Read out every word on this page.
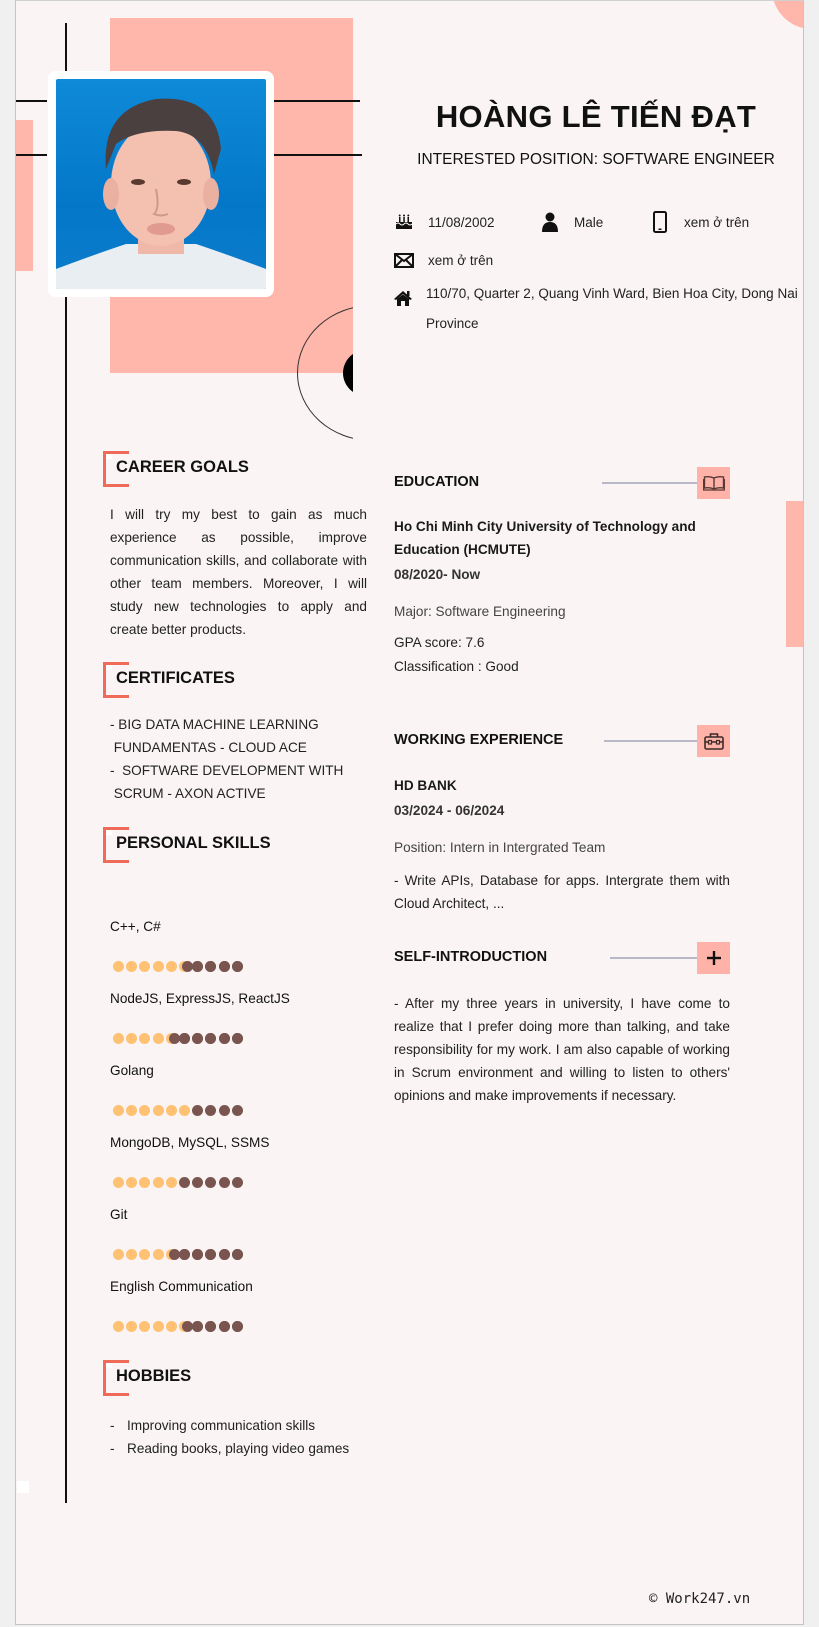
HOÀNG LÊ TIẾN ĐẠT
INTERESTED POSITION: SOFTWARE ENGINEER
11/08/2002	Male	xem ở trên
xem ở trên
110/70, Quarter 2, Quang Vinh Ward, Bien Hoa City, Dong Nai Province
CAREER GOALS
I will try my best to gain as much experience as possible, improve communication skills, and collaborate with other team members. Moreover, I will study new technologies to apply and create better products.
CERTIFICATES
- BIG DATA MACHINE LEARNING
FUNDAMENTAS - CLOUD ACE
-  SOFTWARE DEVELOPMENT WITH
SCRUM - AXON ACTIVE
PERSONAL SKILLS
C++, C#
NodeJS, ExpressJS, ReactJS
Golang
MongoDB, MySQL, SSMS
Git
English Communication
HOBBIES
- Improving communication skills
- Reading books, playing video games
EDUCATION
Ho Chi Minh City University of Technology and Education (HCMUTE)
08/2020- Now
Major: Software Engineering
GPA score: 7.6
Classification : Good
WORKING EXPERIENCE
HD BANK
03/2024 - 06/2024
Position: Intern in Intergrated Team
- Write APIs, Database for apps. Intergrate them with Cloud Architect, ...
SELF-INTRODUCTION
- After my three years in university, I have come to realize that I prefer doing more than talking, and take responsibility for my work. I am also capable of working in Scrum environment and willing to listen to others' opinions and make improvements if necessary.
© Work247.vn
